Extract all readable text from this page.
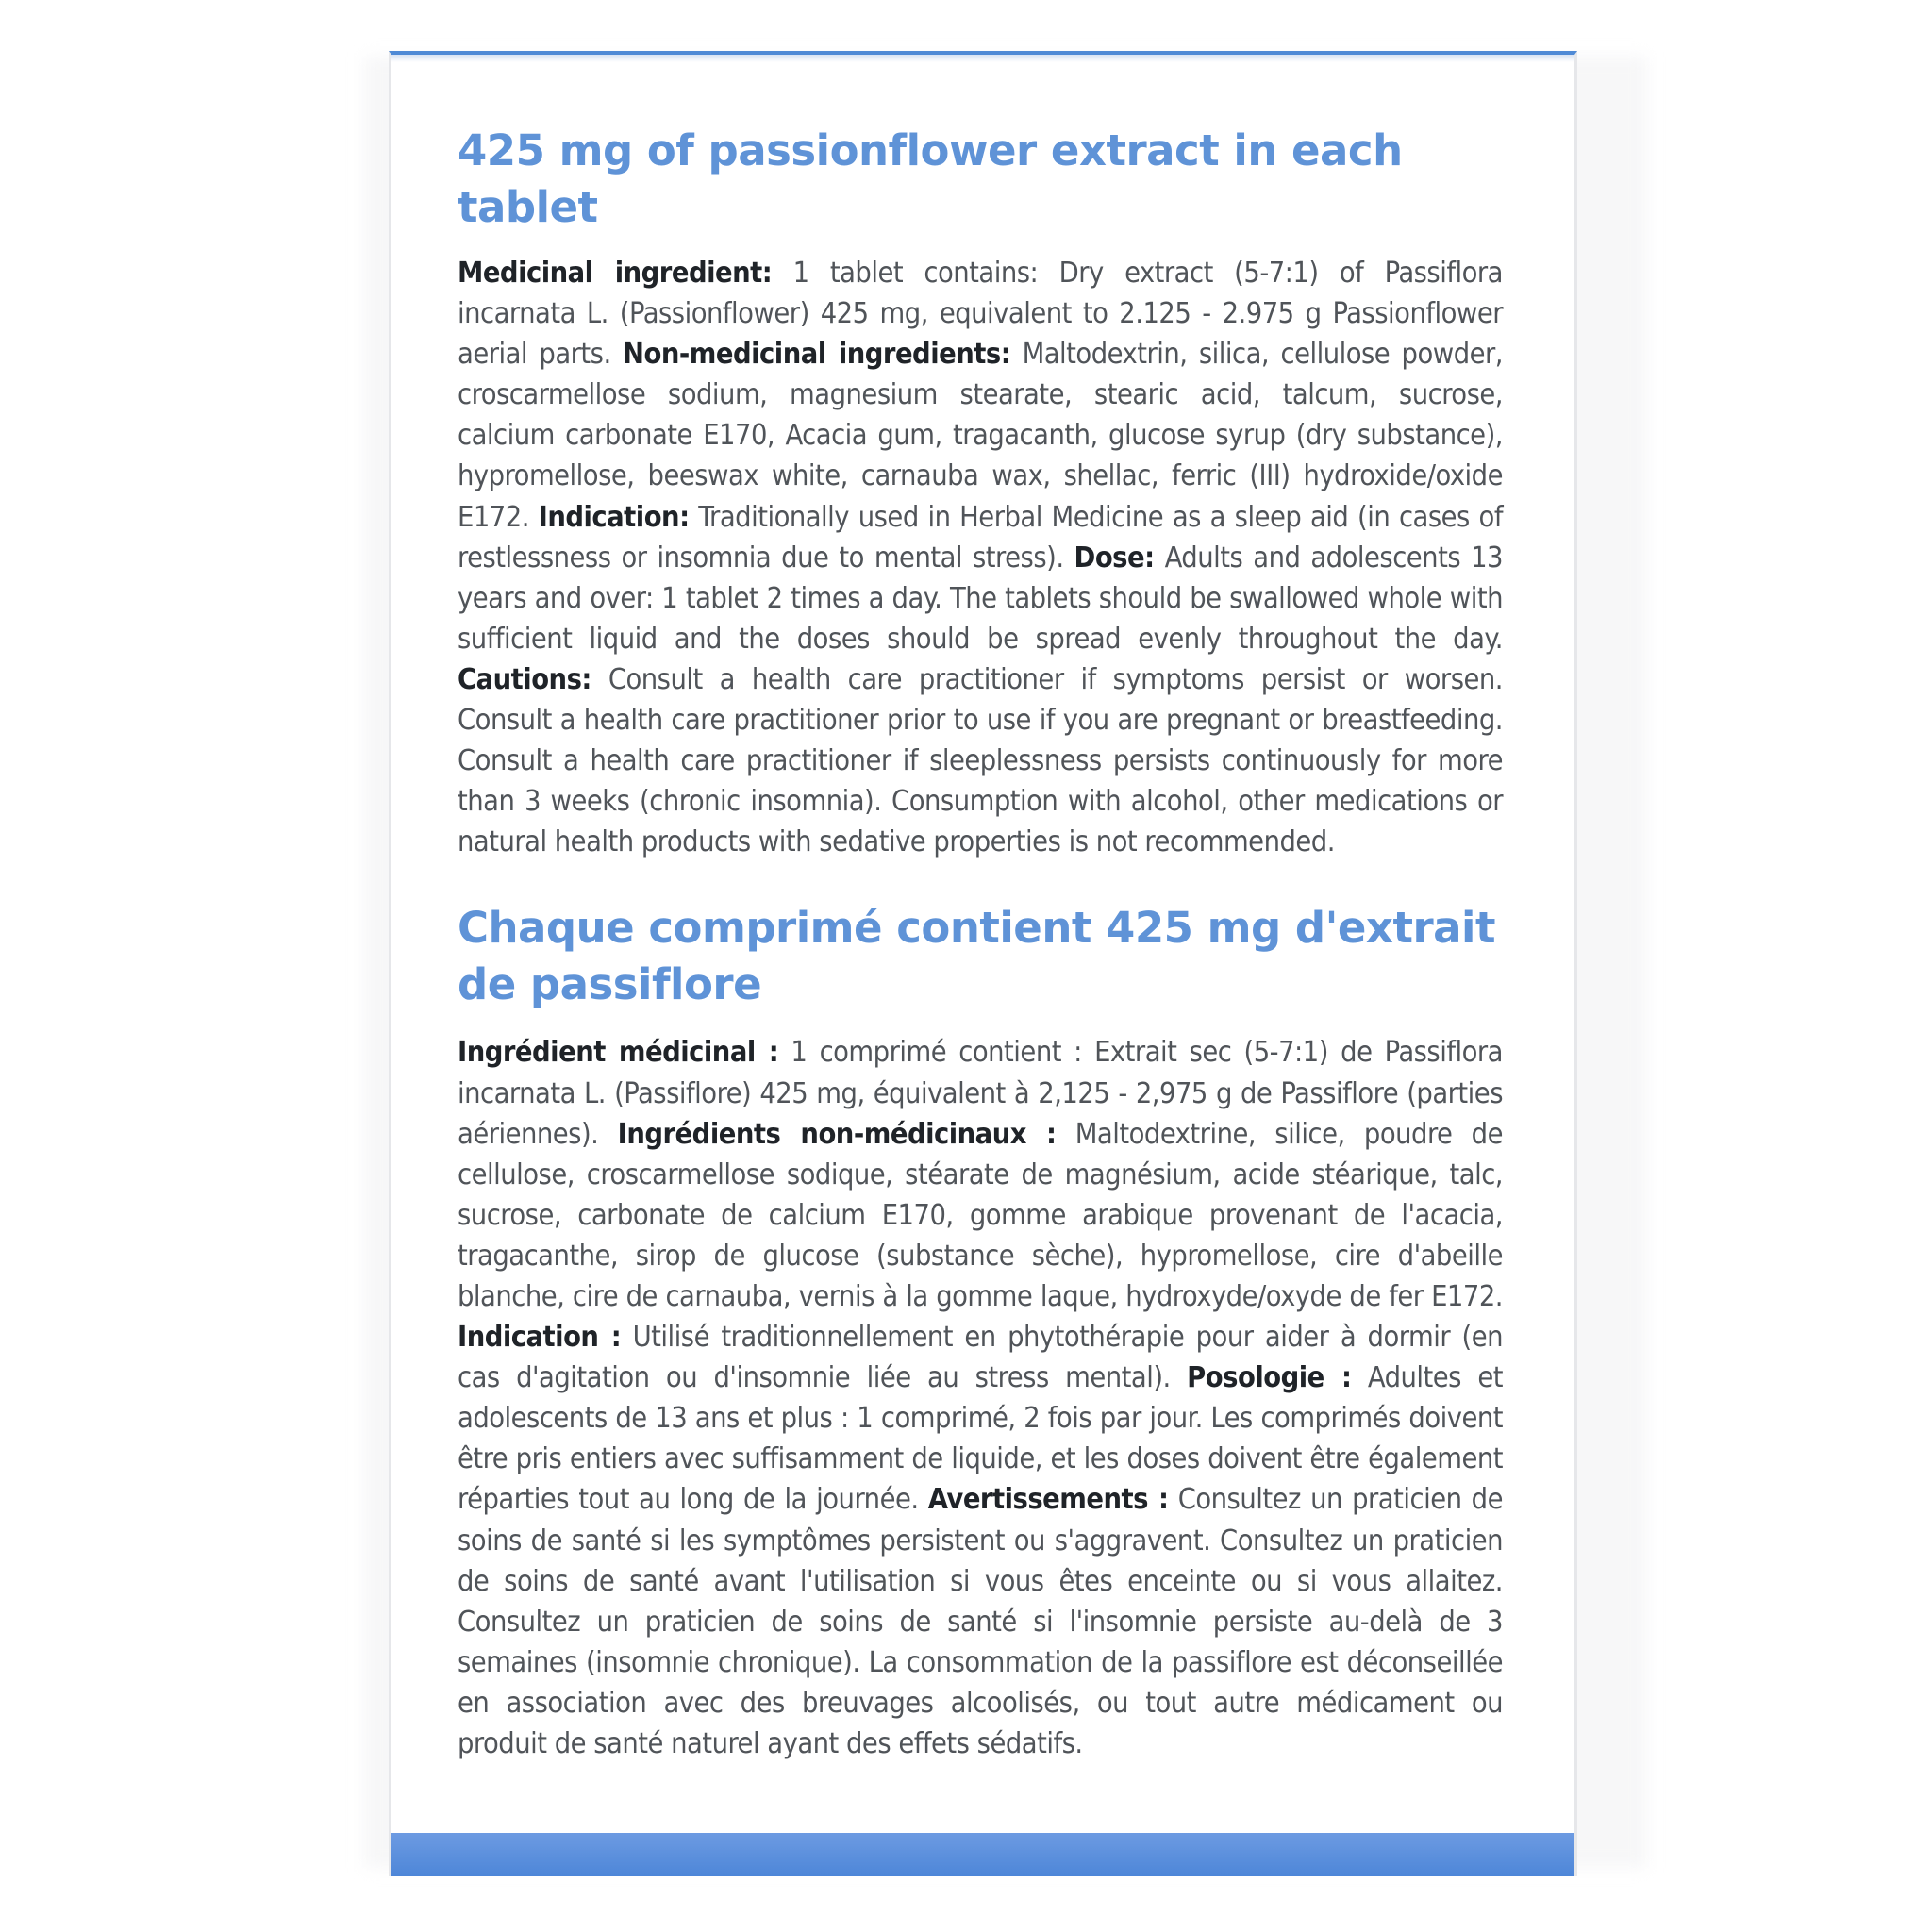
425 mg of passionflower extract in each tablet

Medicinal ingredient: 1 tablet contains: Dry extract (5-7:1) of Passiflora incarnata L. (Passionflower) 425 mg, equivalent to 2.125 - 2.975 g Passionflower aerial parts. Non-medicinal ingredients: Maltodextrin, silica, cellulose powder, croscarmellose sodium, magnesium stearate, stearic acid, talcum, sucrose, calcium carbonate E170, Acacia gum, tragacanth, glucose syrup (dry substance), hypromellose, beeswax white, carnauba wax, shellac, ferric (III) hydroxide/oxide E172. Indication: Traditionally used in Herbal Medicine as a sleep aid (in cases of restlessness or insomnia due to mental stress). Dose: Adults and adolescents 13 years and over: 1 tablet 2 times a day. The tablets should be swallowed whole with sufficient liquid and the doses should be spread evenly throughout the day. Cautions: Consult a health care practitioner if symptoms persist or worsen. Consult a health care practitioner prior to use if you are pregnant or breastfeeding. Consult a health care practitioner if sleeplessness persists continuously for more than 3 weeks (chronic insomnia). Consumption with alcohol, other medications or natural health products with sedative properties is not recommended.

Chaque comprimé contient 425 mg d'extrait
de passiflore

Ingrédient médicinal : 1 comprimé contient : Extrait sec (5-7:1) de Passiflora incarnata L. (Passiflore) 425 mg, équivalent à 2,125 - 2,975 g de Passiflore (parties aériennes). Ingrédients non-médicinaux : Maltodextrine, silice, poudre de cellulose, croscarmellose sodique, stéarate de magnésium, acide stéarique, talc, sucrose, carbonate de calcium E170, gomme arabique provenant de l'acacia, tragacanthe, sirop de glucose (substance sèche), hypromellose, cire d'abeille blanche, cire de carnauba, vernis à la gomme laque, hydroxyde/oxyde de fer E172. Indication : Utilisé traditionnellement en phytothérapie pour aider à dormir (en cas d'agitation ou d'insomnie liée au stress mental). Posologie : Adultes et adolescents de 13 ans et plus : 1 comprimé, 2 fois par jour. Les comprimés doivent être pris entiers avec suffisamment de liquide, et les doses doivent être également réparties tout au long de la journée. Avertissements : Consultez un praticien de soins de santé si les symptômes persistent ou s'aggravent. Consultez un praticien de soins de santé avant l'utilisation si vous êtes enceinte ou si vous allaitez. Consultez un praticien de soins de santé si l'insomnie persiste au-delà de 3 semaines (insomnie chronique). La consommation de la passiflore est déconseillée en association avec des breuvages alcoolisés, ou tout autre médicament ou produit de santé naturel ayant des effets sédatifs.
